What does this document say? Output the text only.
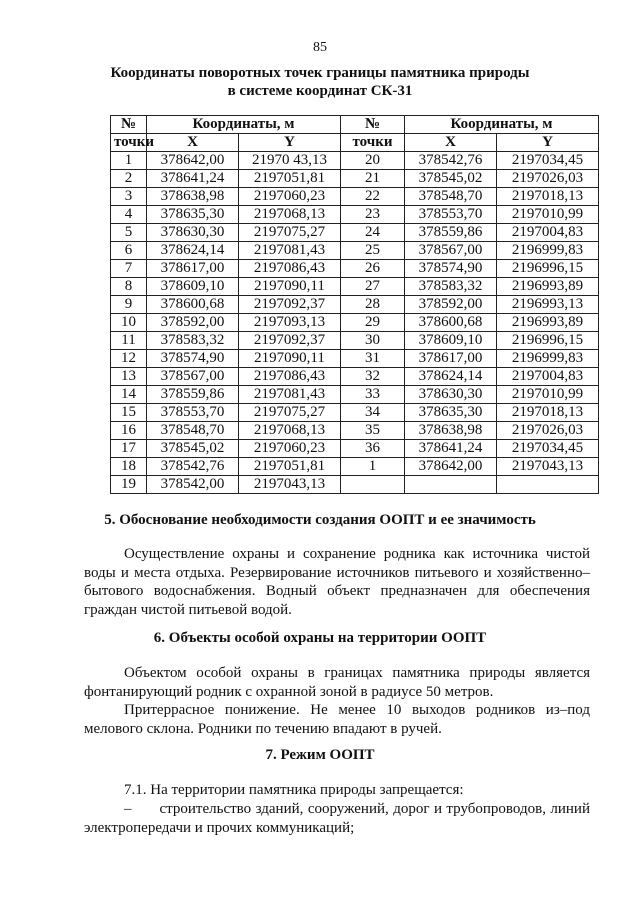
85
Координаты поворотных точек границы памятника природы
в системе координат СК-31
№	Координаты, м		№	Координаты, м	
точки	X	Y	точки	X	Y
1	378642,00	21970 43,13	20	378542,76	2197034,45
2	378641,24	2197051,81	21	378545,02	2197026,03
3	378638,98	2197060,23	22	378548,70	2197018,13
4	378635,30	2197068,13	23	378553,70	2197010,99
5	378630,30	2197075,27	24	378559,86	2197004,83
6	378624,14	2197081,43	25	378567,00	2196999,83
7	378617,00	2197086,43	26	378574,90	2196996,15
8	378609,10	2197090,11	27	378583,32	2196993,89
9	378600,68	2197092,37	28	378592,00	2196993,13
10	378592,00	2197093,13	29	378600,68	2196993,89
11	378583,32	2197092,37	30	378609,10	2196996,15
12	378574,90	2197090,11	31	378617,00	2196999,83
13	378567,00	2197086,43	32	378624,14	2197004,83
14	378559,86	2197081,43	33	378630,30	2197010,99
15	378553,70	2197075,27	34	378635,30	2197018,13
16	378548,70	2197068,13	35	378638,98	2197026,03
17	378545,02	2197060,23	36	378641,24	2197034,45
18	378542,76	2197051,81	1	378642,00	2197043,13
19	378542,00	2197043,13			
5. Обоснование необходимости создания ООПТ и ее значимость
Осуществление охраны и сохранение родника как источника чистой воды и места отдыха. Резервирование источников питьевого и хозяйственно–бытового водоснабжения. Водный объект предназначен для обеспечения граждан чистой питьевой водой.
6. Объекты особой охраны на территории ООПТ
Объектом особой охраны в границах памятника природы является фонтанирующий родник с охранной зоной в радиусе 50 метров.
Притеррасное понижение. Не менее 10 выходов родников из–под мелового склона. Родники по течению впадают в ручей.
7. Режим ООПТ
7.1. На территории памятника природы запрещается:
– строительство зданий, сооружений, дорог и трубопроводов, линий электропередачи и прочих коммуникаций;
